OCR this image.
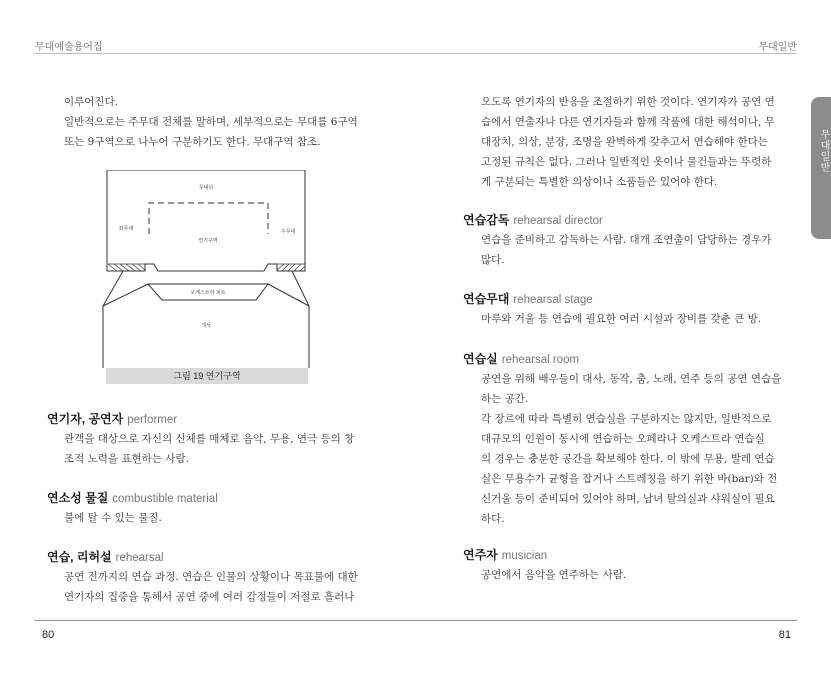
무대예술용어집	무대일반
무대일반

이루어진다.

일반적으로는 주무대 전체를 말하며, 세부적으로는 무대를 6구역

또는 9구역으로 나누어 구분하기도 한다. 무대구역 참조.

무대뒤
좌무대	우무대
연기구역
오케스트라 피트
객석
그림 19 연기구역
연기자, 공연자 performer

관객을 대상으로 자신의 신체를 매체로 음악, 무용, 연극 등의 창

조적 노력을 표현하는 사람.

연소성 물질 combustible material

불에 탈 수 있는 물질.

연습, 리허설 rehearsal

공연 전까지의 연습 과정. 연습은 인물의 상황이나 목표물에 대한

연기자의 집중을 통해서 공연 중에 여러 감정들이 저절로 흘러나

오도록 연기자의 반응을 조절하기 위한 것이다. 연기자가 공연 연

습에서 연출자나 다른 연기자들과 함께 작품에 대한 해석이나, 무

대장치, 의상, 분장, 조명을 완벽하게 갖추고서 연습해야 한다는

고정된 규칙은 없다. 그러나 일반적인 옷이나 물건들과는 뚜렷하

게 구분되는 특별한 의상이나 소품들은 있어야 한다.

연습감독 rehearsal director

연습을 준비하고 감독하는 사람. 대개 조연출이 담당하는 경우가

많다.

연습무대 rehearsal stage

마루와 거울 등 연습에 필요한 여러 시설과 장비를 갖춘 큰 방.

연습실 rehearsal room

공연을 위해 배우들이 대사, 동작, 춤, 노래, 연주 등의 공연 연습을

하는 공간.

각 장르에 따라 특별히 연습실을 구분하지는 않지만, 일반적으로

대규모의 인원이 동시에 연습하는 오페라나 오케스트라 연습실

의 경우는 충분한 공간을 확보해야 한다. 이 밖에 무용, 발레 연습

실은 무용수가 균형을 잡거나 스트레칭을 하기 위한 바(bar)와 전

신거울 등이 준비되어 있어야 하며, 남녀 탈의실과 샤워실이 필요

하다.

연주자 musician

공연에서 음악을 연주하는 사람.

80	81
